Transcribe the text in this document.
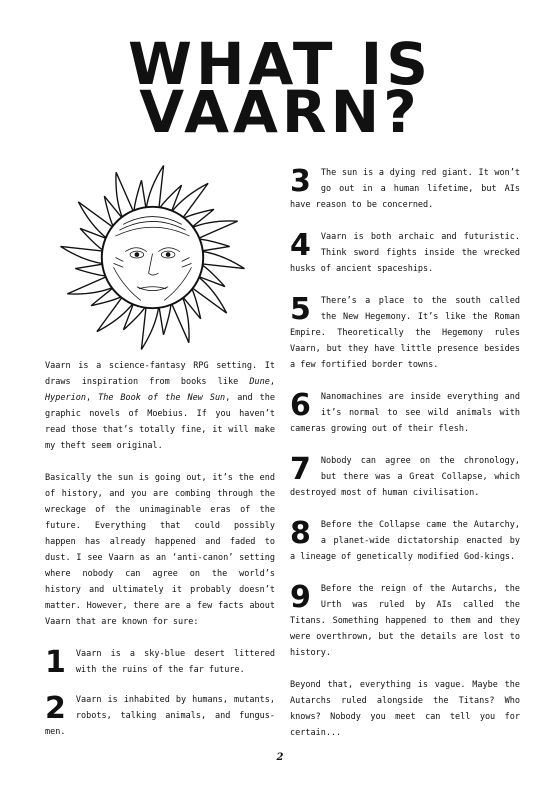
WHAT IS
VAARN?

Vaarn is a science-fantasy RPG setting. It draws inspiration from books like Dune, Hyperion, The Book of the New Sun, and the graphic novels of Moebius. If you haven’t read those that’s totally fine, it will make my theft seem original.

Basically the sun is going out, it’s the end of history, and you are combing through the wreckage of the unimaginable eras of the future. Everything that could possibly happen has already happened and faded to dust. I see Vaarn as an ‘anti-canon’ setting where nobody can agree on the world’s history and ultimately it probably doesn’t matter. However, there are a few facts about Vaarn that are known for sure:

1	Vaarn is a sky-blue desert littered with the ruins of the far future.
2	Vaarn is inhabited by humans, mutants, robots, talking animals, and fungus-men.
3	The sun is a dying red giant. It won’t go out in a human lifetime, but AIs have reason to be concerned.
4	Vaarn is both archaic and futuristic. Think sword fights inside the wrecked husks of ancient spaceships.
5	There’s a place to the south called the New Hegemony. It’s like the Roman Empire. Theoretically the Hegemony rules Vaarn, but they have little presence besides a few fortified border towns.
6	Nanomachines are inside everything and it’s normal to see wild animals with cameras growing out of their flesh.
7	Nobody can agree on the chronology, but there was a Great Collapse, which destroyed most of human civilisation.
8	Before the Collapse came the Autarchy, a planet-wide dictatorship enacted by a lineage of genetically modified God-kings.
9	Before the reign of the Autarchs, the Urth was ruled by AIs called the Titans. Something happened to them and they were overthrown, but the details are lost to history.

Beyond that, everything is vague. Maybe the Autarchs ruled alongside the Titans? Who knows? Nobody you meet can tell you for certain...

2
